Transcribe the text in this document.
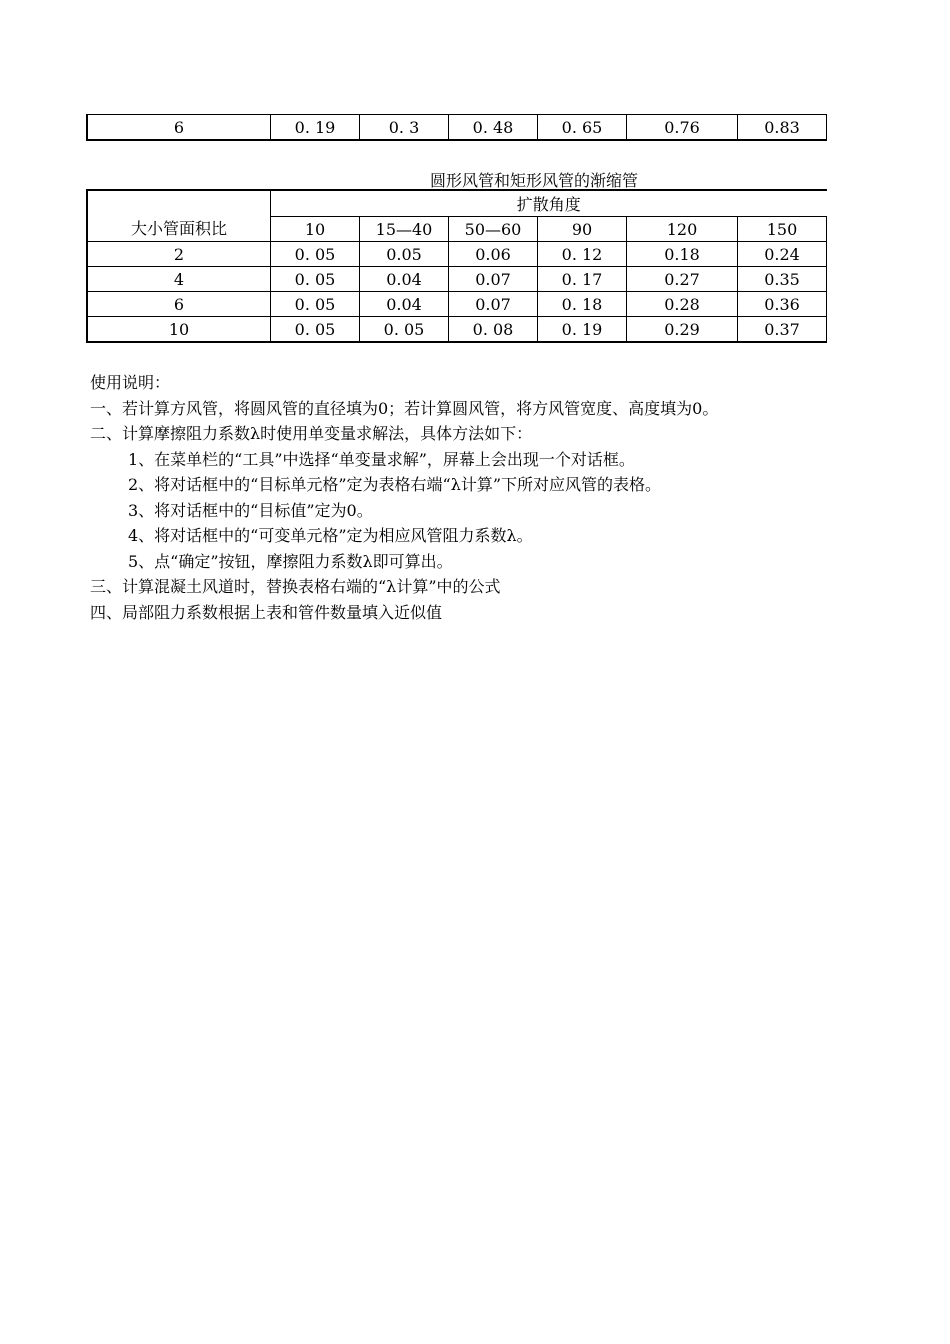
6	0. 19	0. 3	0. 48	0. 65	0.76	0.83
圆形风管和矩形风管的渐缩管
大小管面积比	扩散角度					
	10	15—40	50—60	90	120	150
2	0. 05	0.05	0.06	0. 12	0.18	0.24
4	0. 05	0.04	0.07	0. 17	0.27	0.35
6	0. 05	0.04	0.07	0. 18	0.28	0.36
10	0. 05	0. 05	0. 08	0. 19	0.29	0.37
使用说明：
一、若计算方风管，将圆风管的直径填为0；若计算圆风管，将方风管宽度、高度填为0。
二、计算摩擦阻力系数λ时使用单变量求解法，具体方法如下：
1、在菜单栏的“工具”中选择“单变量求解”，屏幕上会出现一个对话框。
2、将对话框中的“目标单元格”定为表格右端“λ计算”下所对应风管的表格。
3、将对话框中的“目标值”定为0。
4、将对话框中的“可变单元格”定为相应风管阻力系数λ。
5、点“确定”按钮，摩擦阻力系数λ即可算出。
三、计算混凝土风道时，替换表格右端的“λ计算”中的公式
四、局部阻力系数根据上表和管件数量填入近似值
